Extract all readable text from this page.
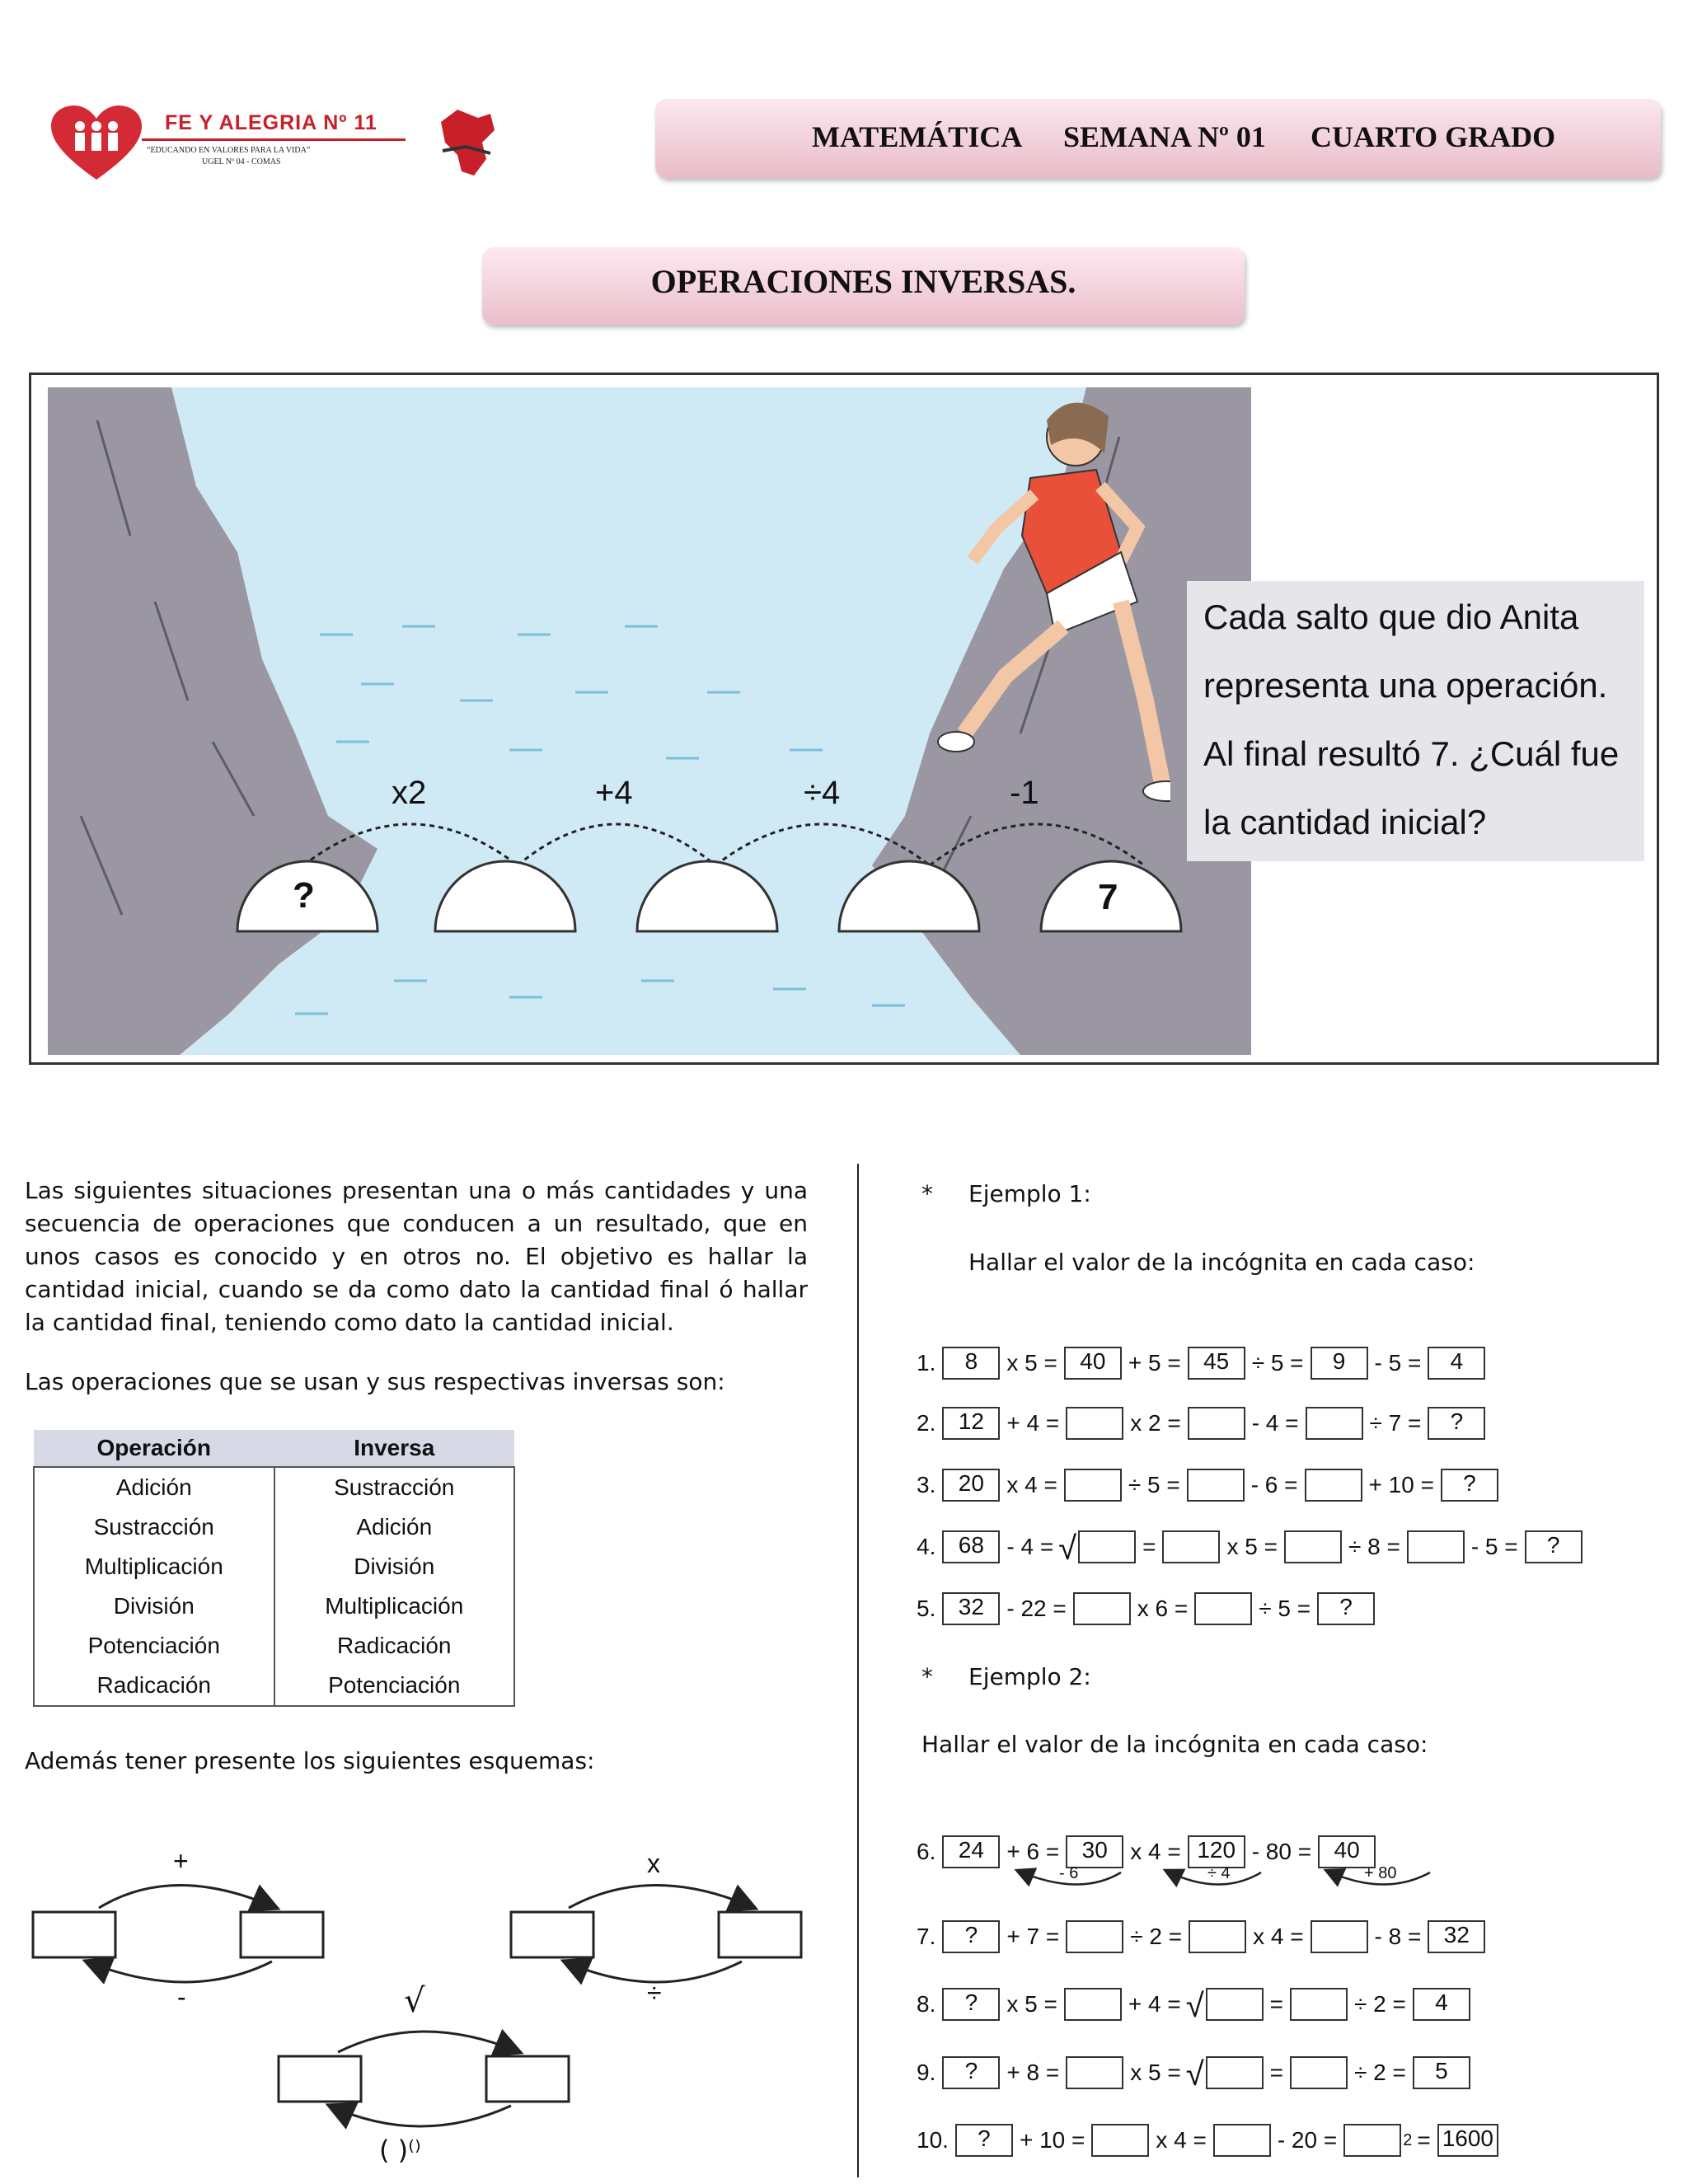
FE Y ALEGRIA Nº 11
“EDUCANDO EN VALORES PARA LA VIDA”
UGEL Nº 04 - COMAS
MATEMÁTICA SEMANA Nº 01 CUARTO GRADO
OPERACIONES INVERSAS.
x2	+4	÷4	-1
?	7
Cada salto que dio Anita
representa una operación.
Al final resultó 7. ¿Cuál fue
la cantidad inicial?
Las siguientes situaciones presentan una o más cantidades y una secuencia de operaciones que conducen a un resultado, que en unos casos es conocido y en otros no. El objetivo es hallar la cantidad inicial, cuando se da como dato la cantidad final ó hallar la cantidad final, teniendo como dato la cantidad inicial.
Las operaciones que se usan y sus respectivas inversas son:
Operación	Inversa
Adición	Sustracción
Sustracción	Adición
Multiplicación	División
División	Multiplicación
Potenciación	Radicación
Radicación	Potenciación
Además tener presente los siguientes esquemas:
+
-
x
÷
√
( )⁽⁾
* Ejemplo 1:
Hallar el valor de la incógnita en cada caso:
1.	8	x 5 = 40 + 5 = 45 ÷ 5 =	9	- 5 =	4
2. 12 + 4 =	x 2 =	- 4 =	÷ 7 =	?
3. 20 x 4 =	÷ 5 =	- 6 =	+ 10 =	?
4. 68 - 4 = √	=	x 5 =	÷ 8 =	- 5 =	?
5. 32 - 22 =	x 6 =	÷ 5 =	?
6. 24 + 6 = 30 x 4 = 120 - 80 = 40
7.	?	+ 7 =	÷ 2 =	x 4 =	- 8 = 32
8.	?	x 5 =	+ 4 = √	=	÷ 2 =	4
9.	?	+ 8 =	x 5 = √	=	÷ 2 =	5
10.	?	+ 10 =	x 4 =	- 20 =	2 = 1600
* Ejemplo 2:
Hallar el valor de la incógnita en cada caso:
- 6	÷ 4	+ 80
